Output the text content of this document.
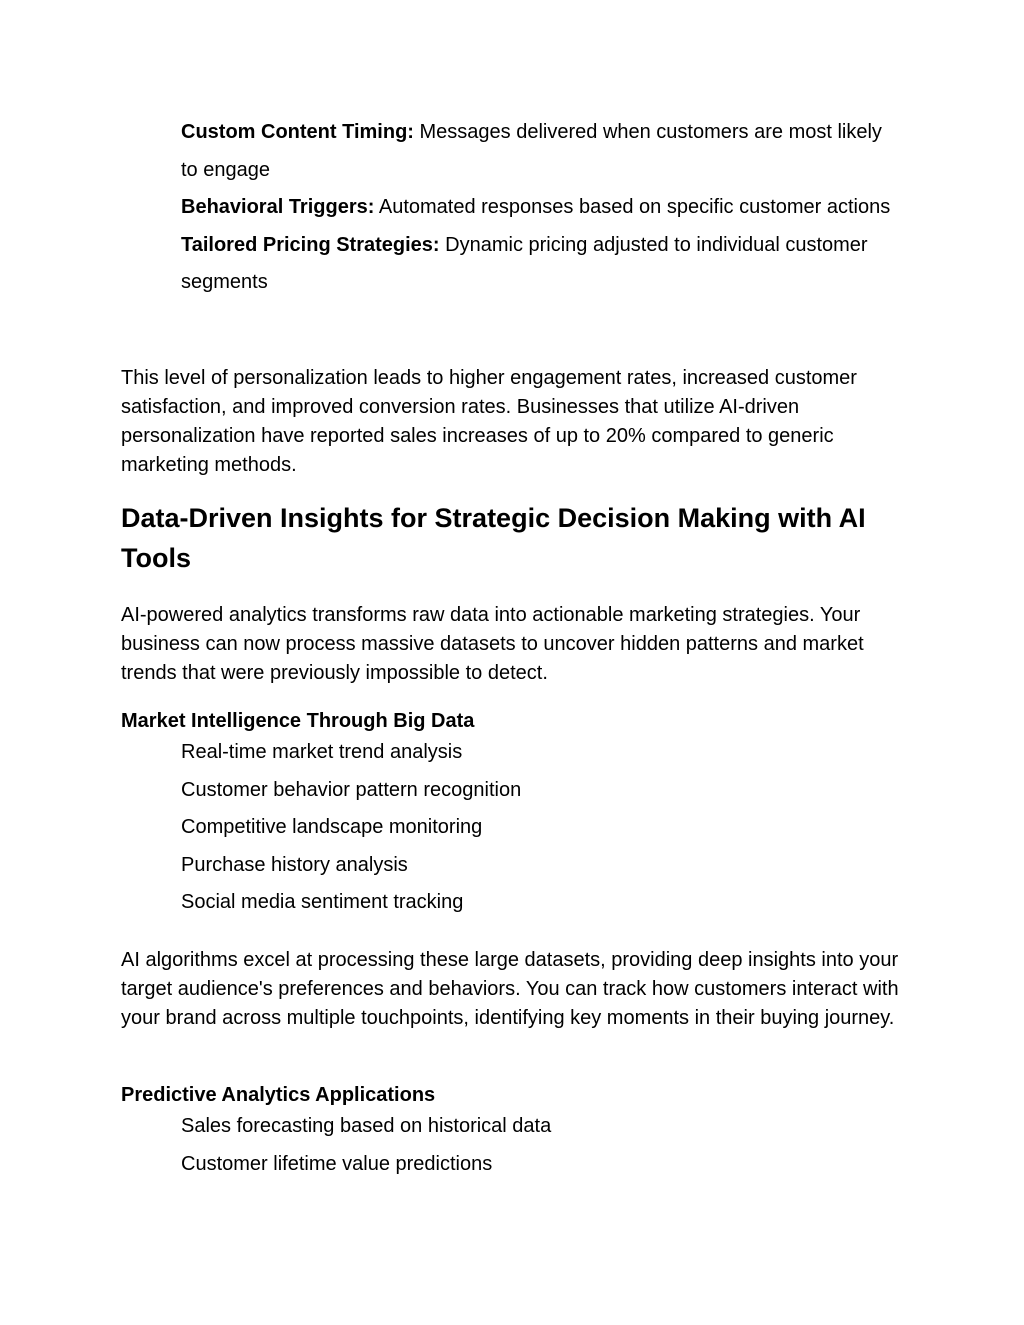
Custom Content Timing: Messages delivered when customers are most likely to engage
Behavioral Triggers: Automated responses based on specific customer actions
Tailored Pricing Strategies: Dynamic pricing adjusted to individual customer segments

This level of personalization leads to higher engagement rates, increased customer satisfaction, and improved conversion rates. Businesses that utilize AI-driven personalization have reported sales increases of up to 20% compared to generic marketing methods.

Data-Driven Insights for Strategic Decision Making with AI Tools

AI-powered analytics transforms raw data into actionable marketing strategies. Your business can now process massive datasets to uncover hidden patterns and market trends that were previously impossible to detect.

Market Intelligence Through Big Data
Real-time market trend analysis
Customer behavior pattern recognition
Competitive landscape monitoring
Purchase history analysis
Social media sentiment tracking

AI algorithms excel at processing these large datasets, providing deep insights into your target audience's preferences and behaviors. You can track how customers interact with your brand across multiple touchpoints, identifying key moments in their buying journey.

Predictive Analytics Applications
Sales forecasting based on historical data
Customer lifetime value predictions
